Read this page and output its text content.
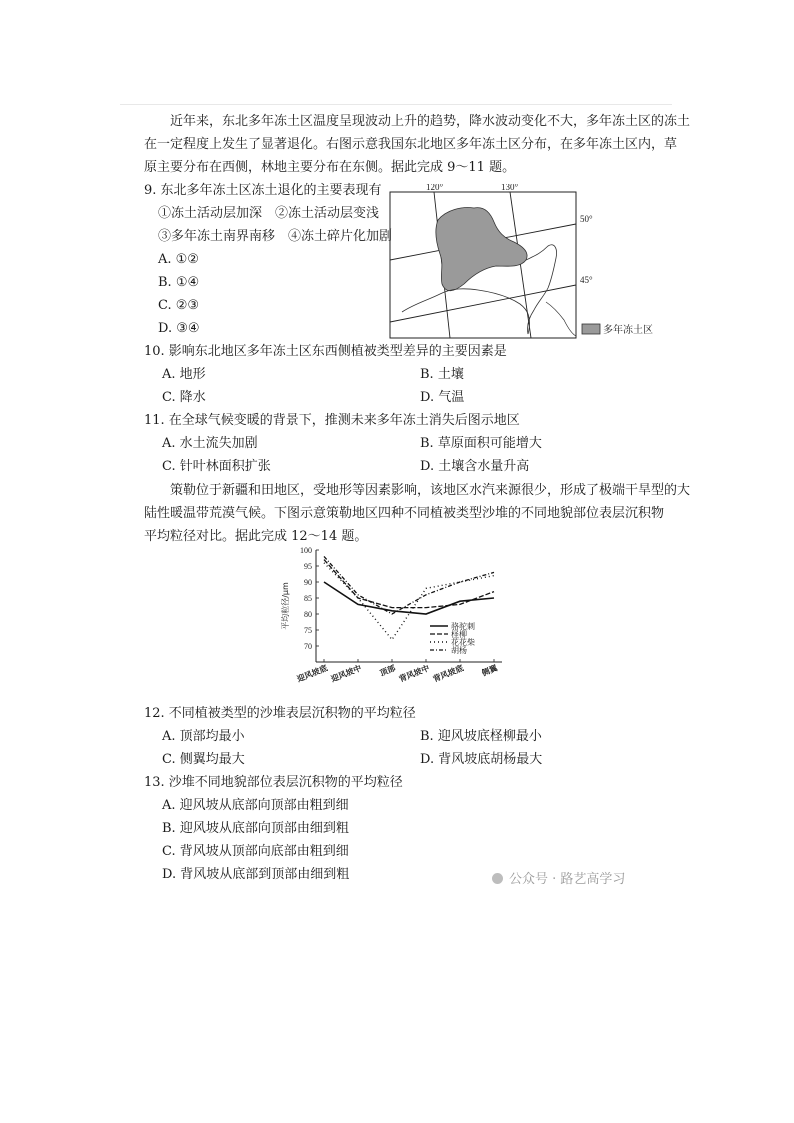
近年来，东北多年冻土区温度呈现波动上升的趋势，降水波动变化不大，多年冻土区的冻土
在一定程度上发生了显著退化。右图示意我国东北地区多年冻土区分布，在多年冻土区内，草
原主要分布在西侧，林地主要分布在东侧。据此完成 9～11 题。
9. 东北多年冻土区冻土退化的主要表现有
①冻土活动层加深　②冻土活动层变浅
③多年冻土南界南移　④冻土碎片化加剧
A. ①②
B. ①④
C. ②③
D. ③④
120°	130°
50°
45°
多年冻土区
10. 影响东北地区多年冻土区东西侧植被类型差异的主要因素是
A. 地形	B. 土壤
C. 降水	D. 气温
11. 在全球气候变暖的背景下，推测未来多年冻土消失后图示地区
A. 水土流失加剧	B. 草原面积可能增大
C. 针叶林面积扩张	D. 土壤含水量升高
策勒位于新疆和田地区，受地形等因素影响，该地区水汽来源很少，形成了极端干旱型的大
陆性暖温带荒漠气候。下图示意策勒地区四种不同植被类型沙堆的不同地貌部位表层沉积物
平均粒径对比。据此完成 12～14 题。
100
95
90
85
80
75
70
平均粒径/μm
迎风坡底 迎风坡中 顶部 背风坡中 背风坡底 侧翼
骆驼刺
柽柳
花花柴
胡杨
12. 不同植被类型的沙堆表层沉积物的平均粒径
A. 顶部均最小	B. 迎风坡底柽柳最小
C. 侧翼均最大	D. 背风坡底胡杨最大
13. 沙堆不同地貌部位表层沉积物的平均粒径
A. 迎风坡从底部向顶部由粗到细
B. 迎风坡从底部向顶部由细到粗
C. 背风坡从顶部向底部由粗到细
D. 背风坡从底部到顶部由细到粗	公众号 · 路艺高学习
